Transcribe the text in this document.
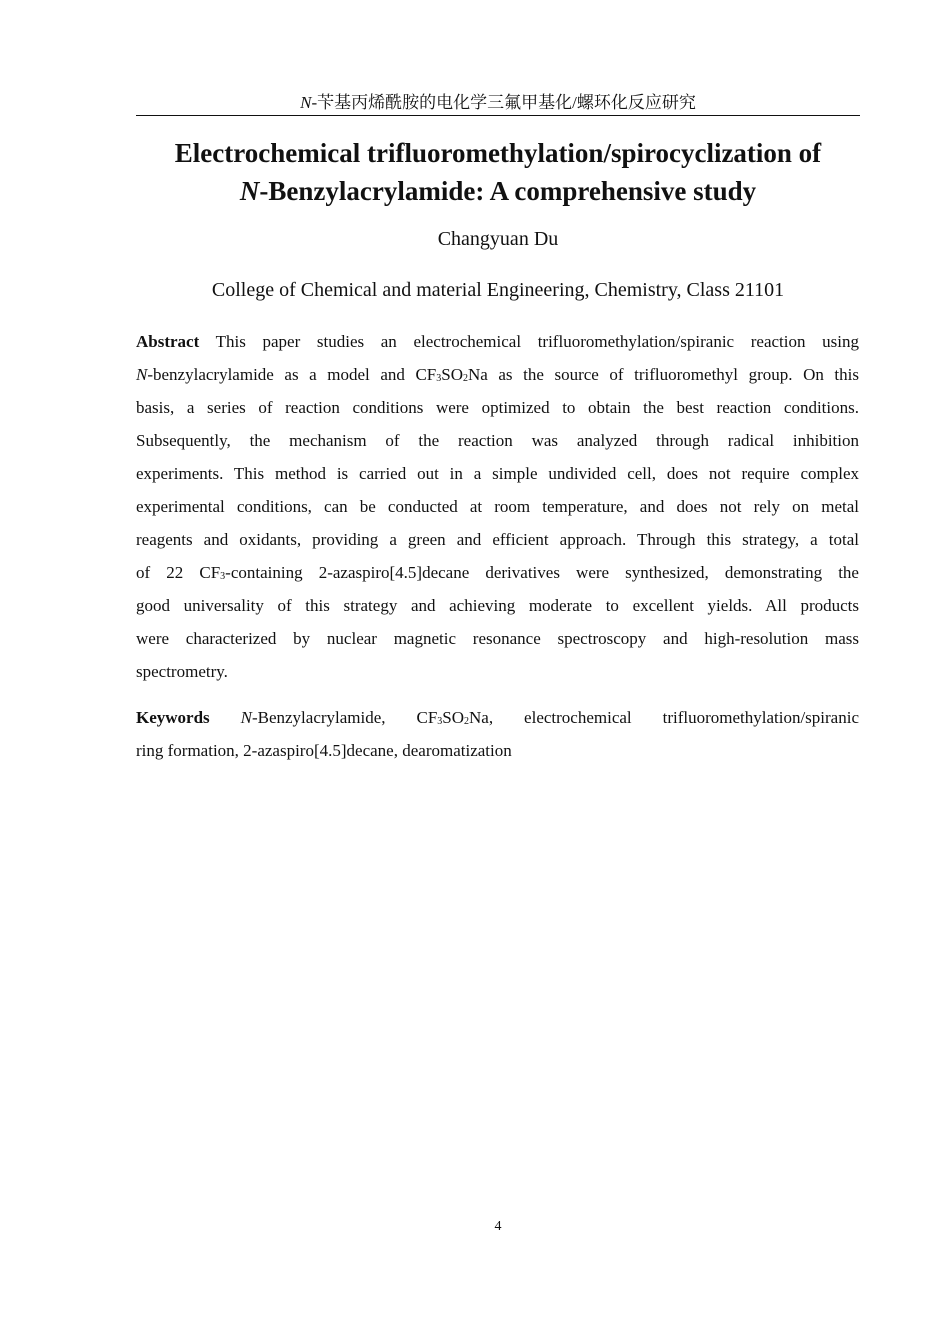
N-苄基丙烯酰胺的电化学三氟甲基化/螺环化反应研究
Electrochemical trifluoromethylation/spirocyclization of
N-Benzylacrylamide: A comprehensive study
Changyuan Du
College of Chemical and material Engineering, Chemistry, Class 21101
Abstract This paper studies an electrochemical trifluoromethylation/spiranic reaction using
N-benzylacrylamide as a model and $CF_3SO_2Na$ as the source of trifluoromethyl group. On this
basis, a series of reaction conditions were optimized to obtain the best reaction conditions.
Subsequently, the mechanism of the reaction was analyzed through radical inhibition
experiments. This method is carried out in a simple undivided cell, does not require complex
experimental conditions, can be conducted at room temperature, and does not rely on metal
reagents and oxidants, providing a green and efficient approach. Through this strategy, a total
of 22 $CF_3$-containing 2-azaspiro[4.5]decane derivatives were synthesized, demonstrating the
good universality of this strategy and achieving moderate to excellent yields. All products
were characterized by nuclear magnetic resonance spectroscopy and high-resolution mass
spectrometry.
Keywords N-Benzylacrylamide, $CF_3SO_2Na$, electrochemical trifluoromethylation/spiranic
ring formation, 2-azaspiro[4.5]decane, dearomatization
4
